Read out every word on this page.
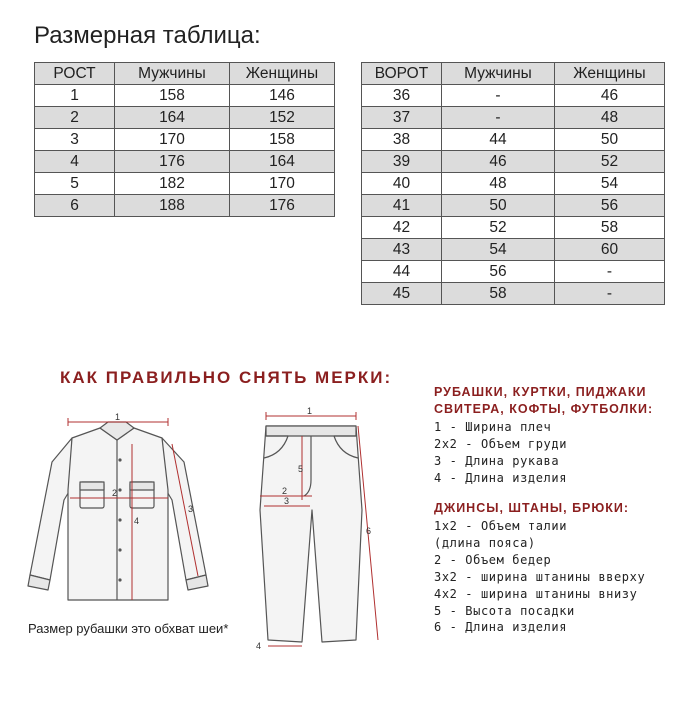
Размерная таблица:
РОСТ	Мужчины	Женщины
1	158	146
2	164	152
3	170	158
4	176	164
5	182	170
6	188	176
ВОРОТ	Мужчины	Женщины
36	-	46
37	-	48
38	44	50
39	46	52
40	48	54
41	50	56
42	52	58
43	54	60
44	56	-
45	58	-
КАК ПРАВИЛЬНО СНЯТЬ МЕРКИ:
1
2
3
4
1
2
3
4
5
6
Размер рубашки это обхват шеи*
РУБАШКИ, КУРТКИ, ПИДЖАКИ
СВИТЕРА, КОФТЫ, ФУТБОЛКИ:
1 - Ширина плеч
2х2 - Объем груди
3 - Длина рукава
4 - Длина изделия
ДЖИНСЫ, ШТАНЫ, БРЮКИ:
1х2 - Объем талии
(длина пояса)
2 - Объем бедер
3х2 - ширина штанины вверху
4х2 - ширина штанины внизу
5 - Высота посадки
6 - Длина изделия
